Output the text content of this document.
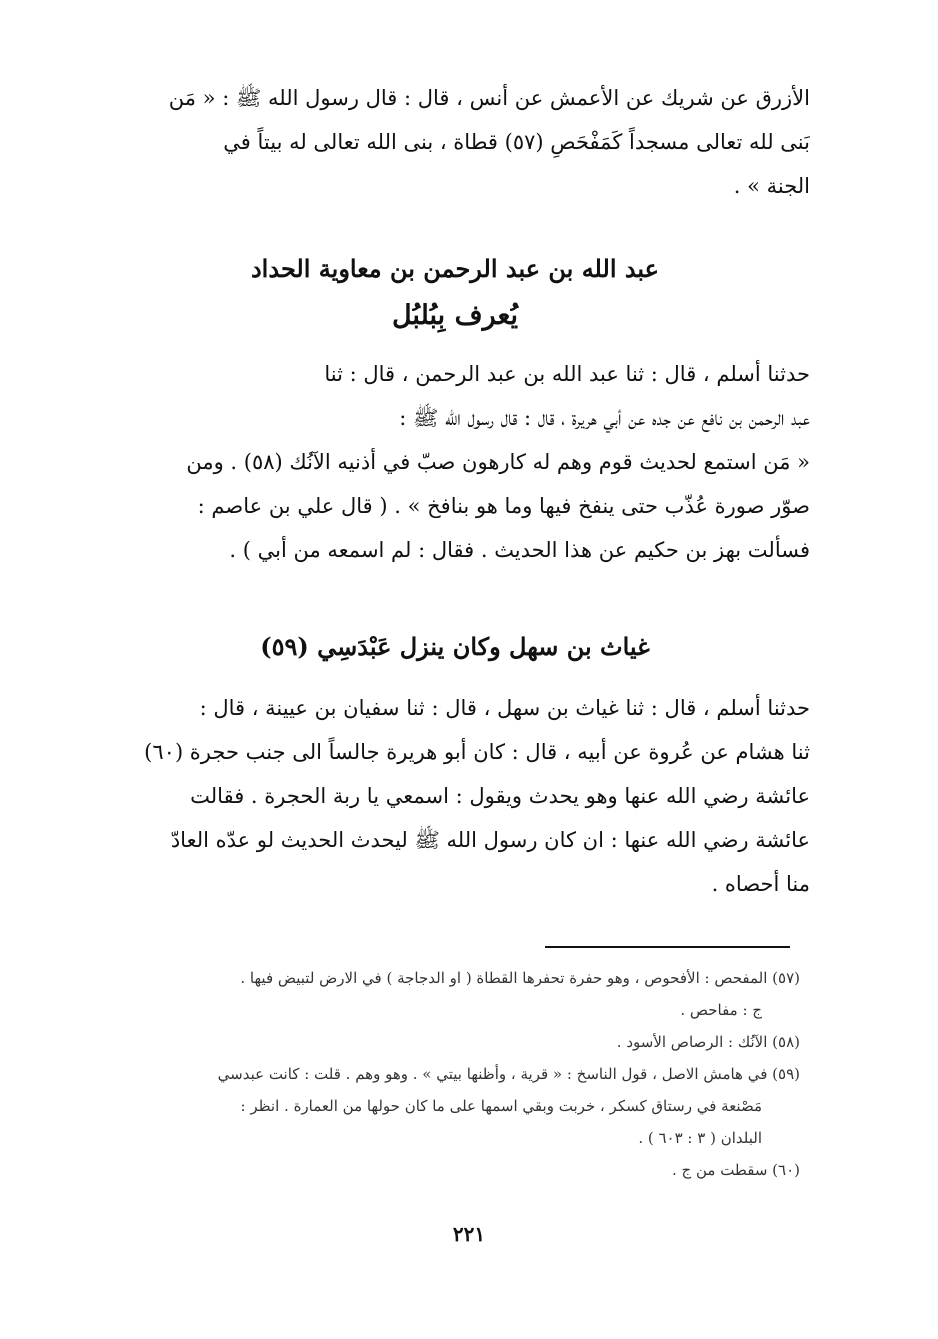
الأزرق عن شريك عن الأعمش عن أنس ، قال : قال رسول الله ﷺ : « مَن
بَنى لله تعالى مسجداً كَمَفْحَصِ (٥٧) قطاة ، بنى الله تعالى له بيتاً في
الجنة » .
عبد الله بن عبد الرحمن بن معاوية الحداد
يُعرف بِبُلبُل
حدثنا أسلم ، قال : ثنا عبد الله بن عبد الرحمن ، قال : ثنا
عبد الرحمن بن نافع عن جده عن أبي هريرة ، قال : قال رسول الله ﷺ :
« مَن استمع لحديث قوم وهم له كارهون صبّ في أذنيه الآنُك (٥٨) . ومن
صوّر صورة عُذّب حتى ينفخ فيها وما هو بنافخ » . ( قال علي بن عاصم :
فسألت بهز بن حكيم عن هذا الحديث . فقال : لم اسمعه من أبي ) .
غياث بن سهل وكان ينزل عَبْدَسِي (٥٩)
حدثنا أسلم ، قال : ثنا غياث بن سهل ، قال : ثنا سفيان بن عيينة ، قال :
ثنا هشام عن عُروة عن أبيه ، قال : كان أبو هريرة جالساً الى جنب حجرة (٦٠)
عائشة رضي الله عنها وهو يحدث ويقول : اسمعي يا ربة الحجرة . فقالت
عائشة رضي الله عنها : ان كان رسول الله ﷺ ليحدث الحديث لو عدّه العادّ
منا أحصاه .
(٥٧) المفحص : الأفحوص ، وهو حفرة تحفرها القطاة ( او الدجاجة ) في الارض لتبيض فيها .
ج : مفاحص .
(٥٨) الآنُك : الرصاص الأسود .
(٥٩) في هامش الاصل ، قول الناسخ : « قرية ، وأظنها بيتي » . وهو وهم . قلت : كانت عبدسي
مَصْنعة في رستاق كسكر ، خربت وبقي اسمها على ما كان حولها من العمارة . انظر :
البلدان ( ٣ : ٦٠٣ ) .
(٦٠) سقطت من ج .
٢٢١
